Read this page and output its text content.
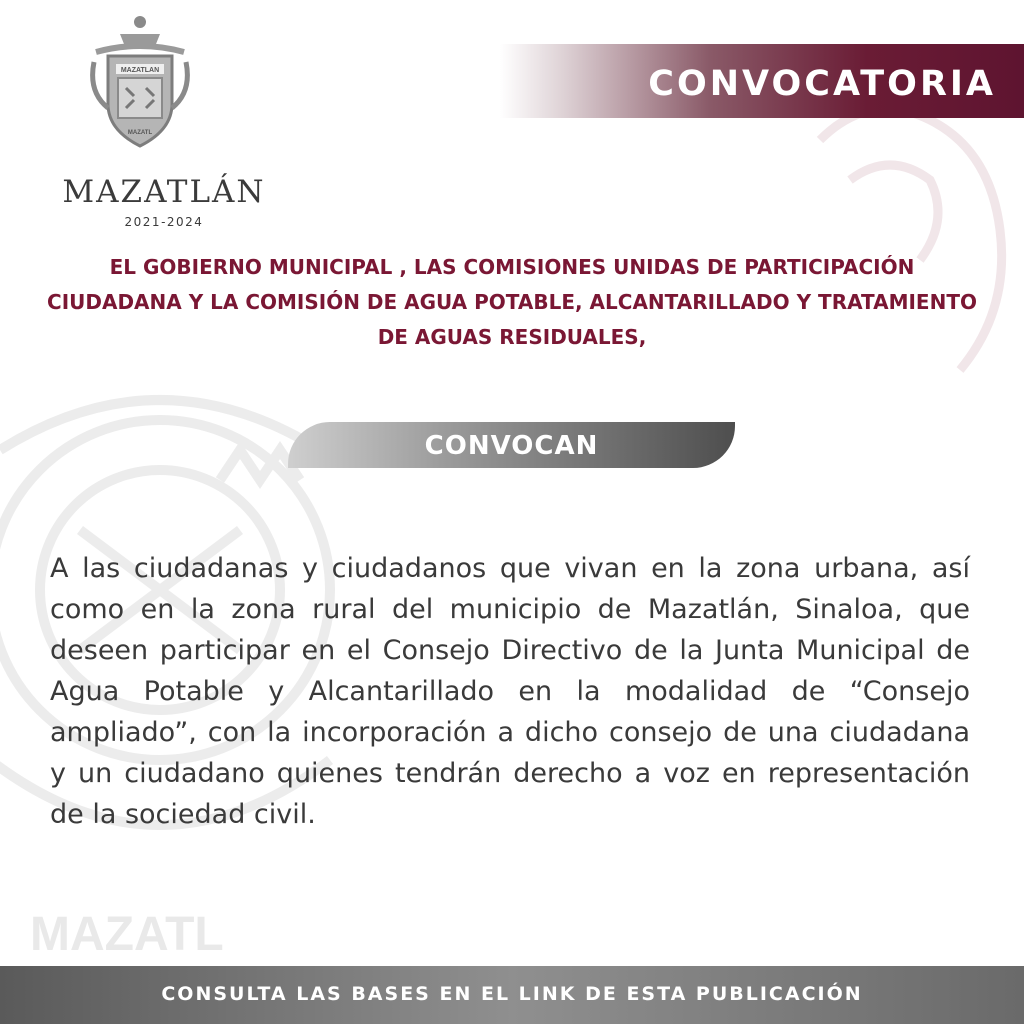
MAZATL
MAZATLAN
MAZATL
MAZATLÁN
2021-2024
CONVOCATORIA
EL GOBIERNO MUNICIPAL , LAS COMISIONES UNIDAS DE PARTICIPACIÓN CIUDADANA Y LA COMISIÓN DE AGUA POTABLE, ALCANTARILLADO Y TRATAMIENTO DE AGUAS RESIDUALES,
CONVOCAN
A las ciudadanas y ciudadanos que vivan en la zona urbana, así como en la zona rural del municipio de Mazatlán, Sinaloa, que deseen participar en el Consejo Directivo de la Junta Municipal de Agua Potable y Alcantarillado en la modalidad de “Consejo ampliado”, con la incorporación a dicho consejo de una ciudadana y un ciudadano quienes tendrán derecho a voz en representación de la sociedad civil.
CONSULTA LAS BASES EN EL LINK DE ESTA PUBLICACIÓN
